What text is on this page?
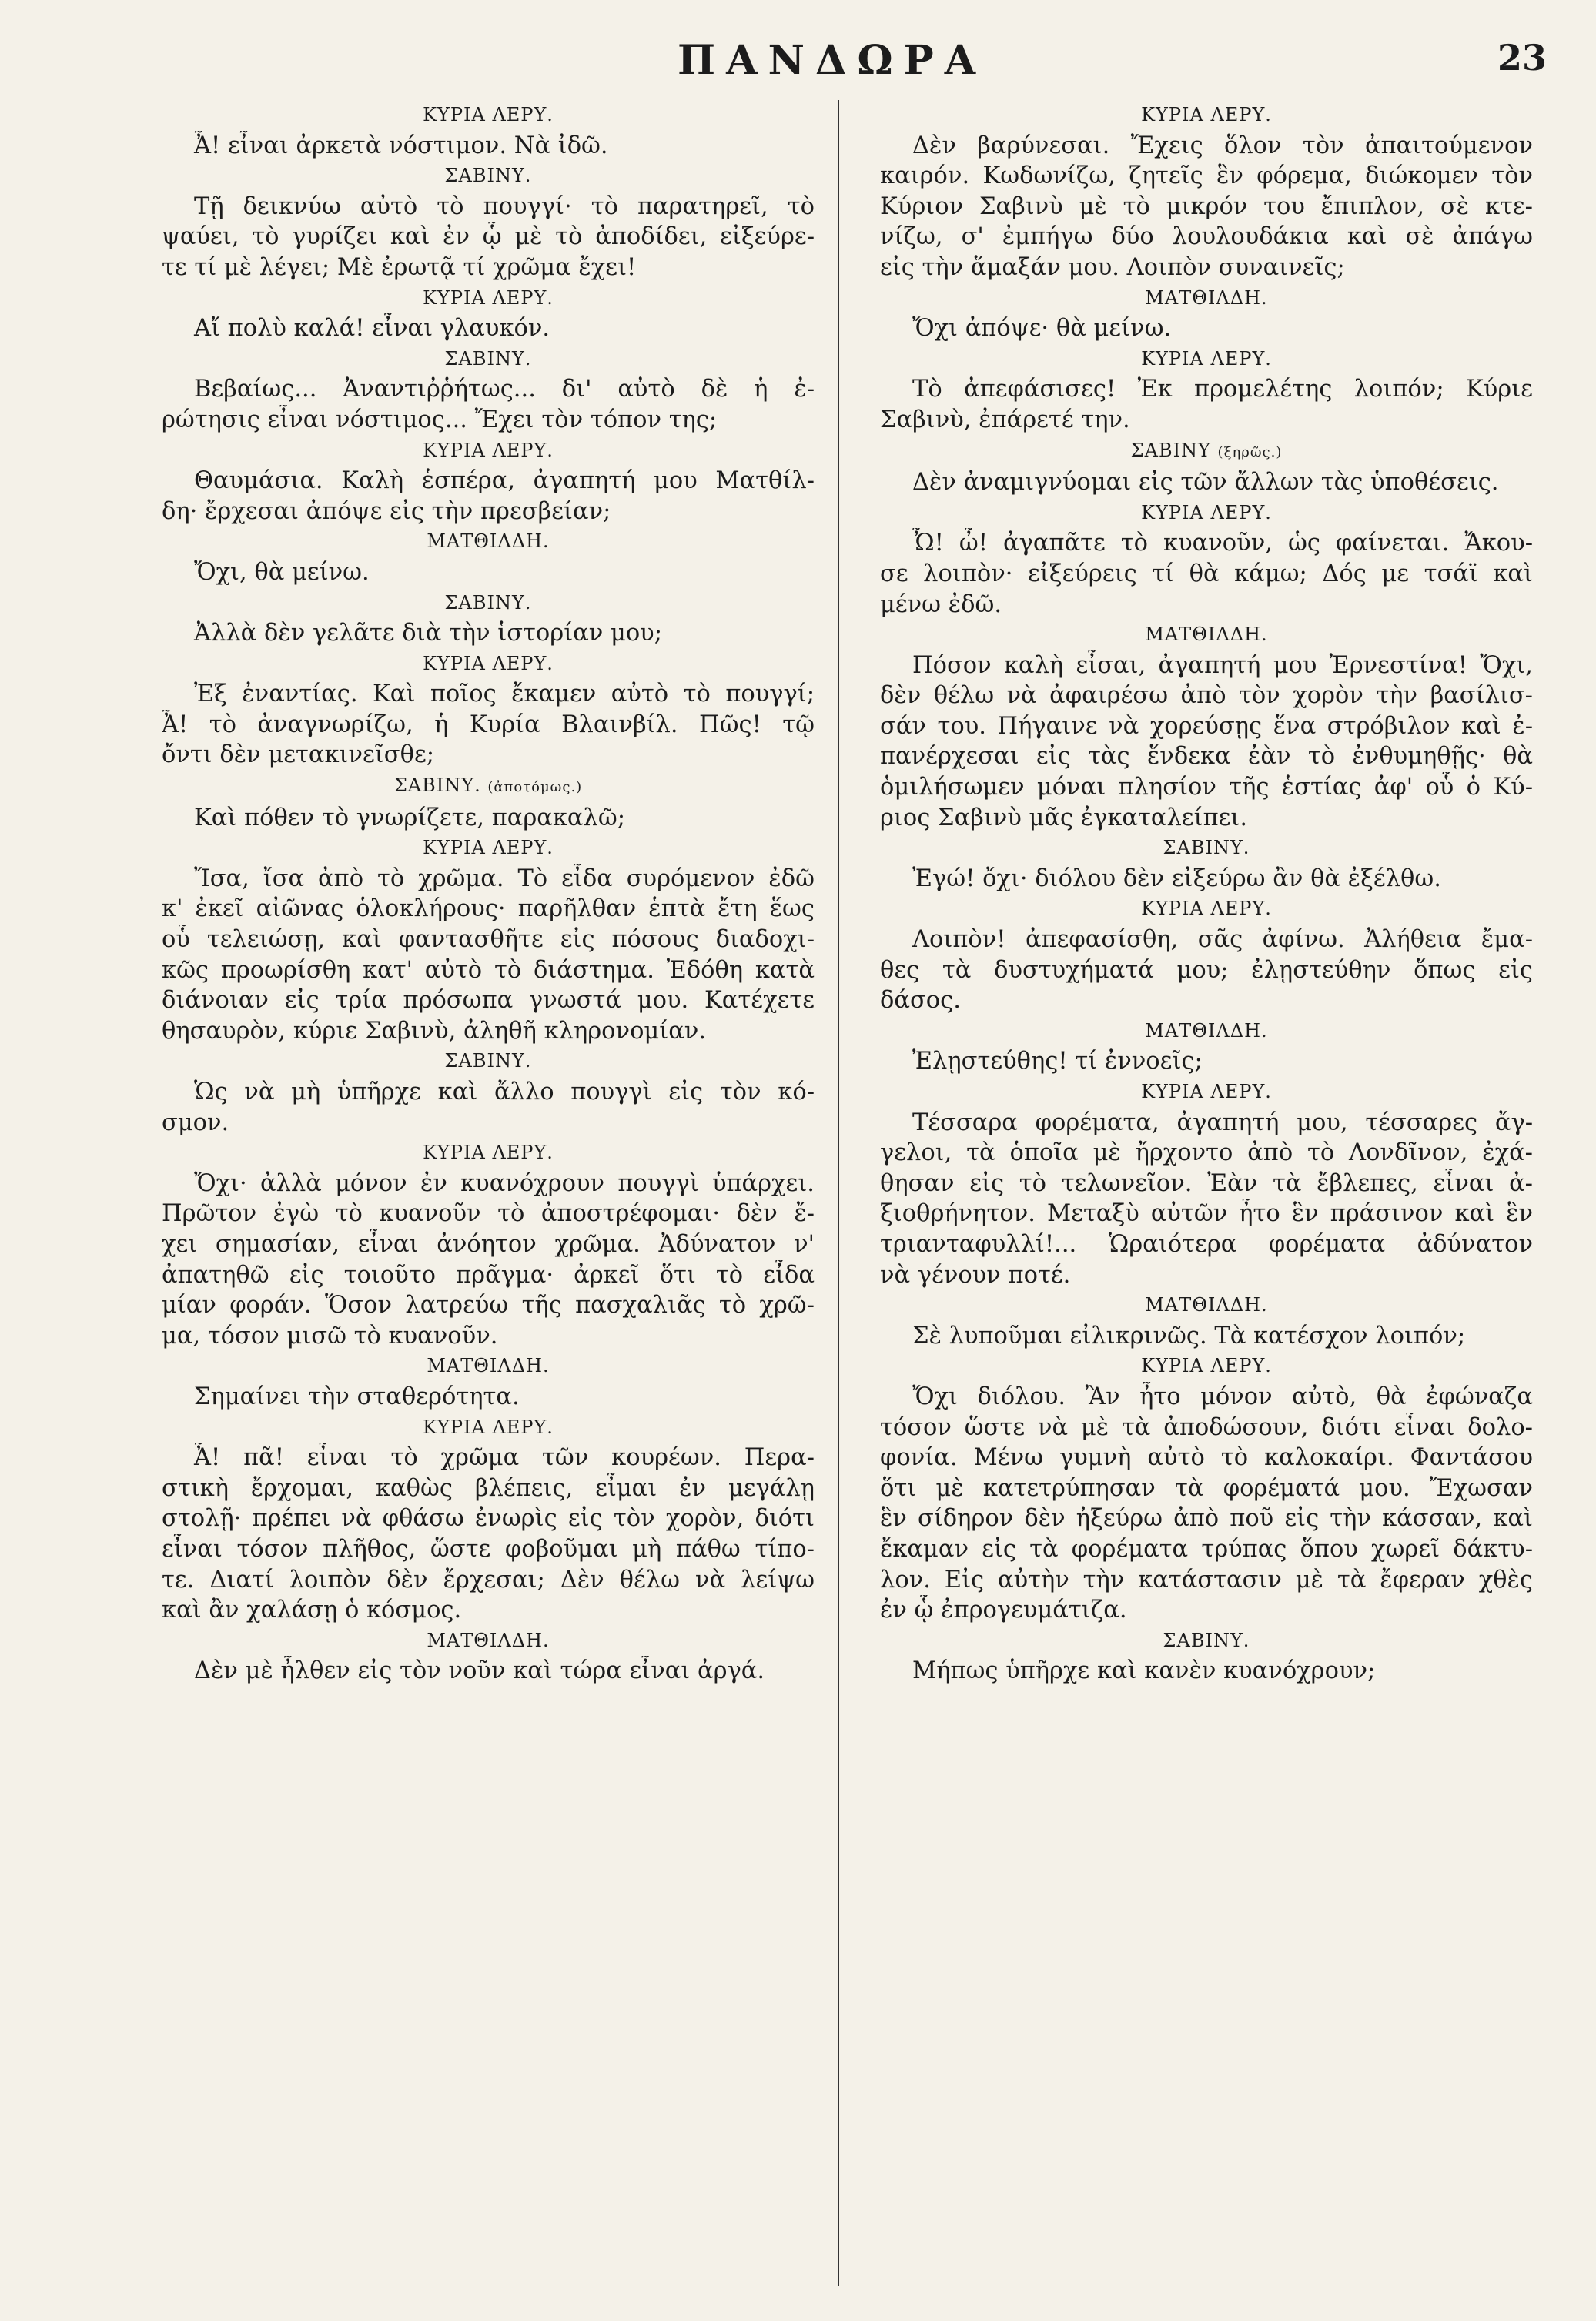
ΠΑΝΔΩΡΑ	23
ΚΥΡΙΑ ΛΕΡΥ.
Ἆ! εἶναι ἀρκετὰ νόστιμον. Νὰ ἰδῶ.
ΣΑΒΙΝΥ.
Τῇ δεικνύω αὐτὸ τὸ πουγγί· τὸ παρατηρεῖ, τὸ
ψαύει, τὸ γυρίζει καὶ ἐν ᾧ μὲ τὸ ἀποδίδει, εἰξεύρε-
τε τί μὲ λέγει; Μὲ ἐρωτᾷ τί χρῶμα ἔχει!
ΚΥΡΙΑ ΛΕΡΥ.
Αἴ πολὺ καλά! εἶναι γλαυκόν.
ΣΑΒΙΝΥ.
Βεβαίως... Ἀναντιῤῥήτως... δι' αὐτὸ δὲ ἡ ἐ-
ρώτησις εἶναι νόστιμος... Ἔχει τὸν τόπον της;
ΚΥΡΙΑ ΛΕΡΥ.
Θαυμάσια. Καλὴ ἑσπέρα, ἀγαπητή μου Ματθίλ-
δη· ἔρχεσαι ἀπόψε εἰς τὴν πρεσβείαν;
ΜΑΤΘΙΛΔΗ.
Ὄχι, θὰ μείνω.
ΣΑΒΙΝΥ.
Ἀλλὰ δὲν γελᾶτε διὰ τὴν ἱστορίαν μου;
ΚΥΡΙΑ ΛΕΡΥ.
Ἐξ ἐναντίας. Καὶ ποῖος ἔκαμεν αὐτὸ τὸ πουγγί;
Ἆ! τὸ ἀναγνωρίζω, ἡ Κυρία Βλαινβίλ. Πῶς! τῷ
ὄντι δὲν μετακινεῖσθε;
ΣΑΒΙΝΥ. (ἀποτόμως.)
Καὶ πόθεν τὸ γνωρίζετε, παρακαλῶ;
ΚΥΡΙΑ ΛΕΡΥ.
Ἴσα, ἴσα ἀπὸ τὸ χρῶμα. Τὸ εἶδα συρόμενον ἐδῶ
κ' ἐκεῖ αἰῶνας ὁλοκλήρους· παρῆλθαν ἑπτὰ ἔτη ἕως
οὗ τελειώσῃ, καὶ φαντασθῆτε εἰς πόσους διαδοχι-
κῶς προωρίσθη κατ' αὐτὸ τὸ διάστημα. Ἐδόθη κατὰ
διάνοιαν εἰς τρία πρόσωπα γνωστά μου. Κατέχετε
θησαυρὸν, κύριε Σαβινὺ, ἀληθῆ κληρονομίαν.
ΣΑΒΙΝΥ.
Ὡς νὰ μὴ ὑπῆρχε καὶ ἄλλο πουγγὶ εἰς τὸν κό-
σμον.
ΚΥΡΙΑ ΛΕΡΥ.
Ὄχι· ἀλλὰ μόνον ἐν κυανόχρουν πουγγὶ ὑπάρχει.
Πρῶτον ἐγὼ τὸ κυανοῦν τὸ ἀποστρέφομαι· δὲν ἔ-
χει σημασίαν, εἶναι ἀνόητον χρῶμα. Ἀδύνατον ν'
ἀπατηθῶ εἰς τοιοῦτο πρᾶγμα· ἀρκεῖ ὅτι τὸ εἶδα
μίαν φοράν. Ὅσον λατρεύω τῆς πασχαλιᾶς τὸ χρῶ-
μα, τόσον μισῶ τὸ κυανοῦν.
ΜΑΤΘΙΛΔΗ.
Σημαίνει τὴν σταθερότητα.
ΚΥΡΙΑ ΛΕΡΥ.
Ἆ! πᾶ! εἶναι τὸ χρῶμα τῶν κουρέων. Περα-
στικὴ ἔρχομαι, καθὼς βλέπεις, εἶμαι ἐν μεγάλῃ
στολῇ· πρέπει νὰ φθάσω ἐνωρὶς εἰς τὸν χορὸν, διότι
εἶναι τόσον πλῆθος, ὥστε φοβοῦμαι μὴ πάθω τίπο-
τε. Διατί λοιπὸν δὲν ἔρχεσαι; Δὲν θέλω νὰ λείψω
καὶ ἂν χαλάσῃ ὁ κόσμος.
ΜΑΤΘΙΛΔΗ.
Δὲν μὲ ἦλθεν εἰς τὸν νοῦν καὶ τώρα εἶναι ἀργά.
ΚΥΡΙΑ ΛΕΡΥ.
Δὲν βαρύνεσαι. Ἔχεις ὅλον τὸν ἀπαιτούμενον
καιρόν. Κωδωνίζω, ζητεῖς ἓν φόρεμα, διώκομεν τὸν
Κύριον Σαβινὺ μὲ τὸ μικρόν του ἔπιπλον, σὲ κτε-
νίζω, σ' ἐμπήγω δύο λουλουδάκια καὶ σὲ ἀπάγω
εἰς τὴν ἅμαξάν μου. Λοιπὸν συναινεῖς;
ΜΑΤΘΙΛΔΗ.
Ὄχι ἀπόψε· θὰ μείνω.
ΚΥΡΙΑ ΛΕΡΥ.
Τὸ ἀπεφάσισες! Ἐκ προμελέτης λοιπόν; Κύριε
Σαβινὺ, ἐπάρετέ την.
ΣΑΒΙΝΥ (ξηρῶς.)
Δὲν ἀναμιγνύομαι εἰς τῶν ἄλλων τὰς ὑποθέσεις.
ΚΥΡΙΑ ΛΕΡΥ.
Ὦ! ὦ! ἀγαπᾶτε τὸ κυανοῦν, ὡς φαίνεται. Ἄκου-
σε λοιπὸν· εἰξεύρεις τί θὰ κάμω; Δός με τσάϊ καὶ
μένω ἐδῶ.
ΜΑΤΘΙΛΔΗ.
Πόσον καλὴ εἶσαι, ἀγαπητή μου Ἐρνεστίνα! Ὄχι,
δὲν θέλω νὰ ἀφαιρέσω ἀπὸ τὸν χορὸν τὴν βασίλισ-
σάν του. Πήγαινε νὰ χορεύσῃς ἕνα στρόβιλον καὶ ἐ-
πανέρχεσαι εἰς τὰς ἕνδεκα ἐὰν τὸ ἐνθυμηθῇς· θὰ
ὁμιλήσωμεν μόναι πλησίον τῆς ἑστίας ἀφ' οὗ ὁ Κύ-
ριος Σαβινὺ μᾶς ἐγκαταλείπει.
ΣΑΒΙΝΥ.
Ἐγώ! ὄχι· διόλου δὲν εἰξεύρω ἂν θὰ ἐξέλθω.
ΚΥΡΙΑ ΛΕΡΥ.
Λοιπὸν! ἀπεφασίσθη, σᾶς ἀφίνω. Ἀλήθεια ἔμα-
θες τὰ δυστυχήματά μου; ἐλῃστεύθην ὅπως εἰς
δάσος.
ΜΑΤΘΙΛΔΗ.
Ἐλῃστεύθης! τί ἐννοεῖς;
ΚΥΡΙΑ ΛΕΡΥ.
Τέσσαρα φορέματα, ἀγαπητή μου, τέσσαρες ἄγ-
γελοι, τὰ ὁποῖα μὲ ἤρχοντο ἀπὸ τὸ Λονδῖνον, ἐχά-
θησαν εἰς τὸ τελωνεῖον. Ἐὰν τὰ ἔβλεπες, εἶναι ἀ-
ξιοθρήνητον. Μεταξὺ αὐτῶν ἦτο ἓν πράσινον καὶ ἓν
τριανταφυλλί!... Ὡραιότερα φορέματα ἀδύνατον
νὰ γένουν ποτέ.
ΜΑΤΘΙΛΔΗ.
Σὲ λυποῦμαι εἰλικρινῶς. Τὰ κατέσχον λοιπόν;
ΚΥΡΙΑ ΛΕΡΥ.
Ὄχι διόλου. Ἂν ἦτο μόνον αὐτὸ, θὰ ἐφώναζα
τόσον ὥστε νὰ μὲ τὰ ἀποδώσουν, διότι εἶναι δολο-
φονία. Μένω γυμνὴ αὐτὸ τὸ καλοκαίρι. Φαντάσου
ὅτι μὲ κατετρύπησαν τὰ φορέματά μου. Ἔχωσαν
ἓν σίδηρον δὲν ἠξεύρω ἀπὸ ποῦ εἰς τὴν κάσσαν, καὶ
ἔκαμαν εἰς τὰ φορέματα τρύπας ὅπου χωρεῖ δάκτυ-
λον. Εἰς αὐτὴν τὴν κατάστασιν μὲ τὰ ἔφεραν χθὲς
ἐν ᾧ ἐπρογευμάτιζα.
ΣΑΒΙΝΥ.
Μήπως ὑπῆρχε καὶ κανὲν κυανόχρουν;
